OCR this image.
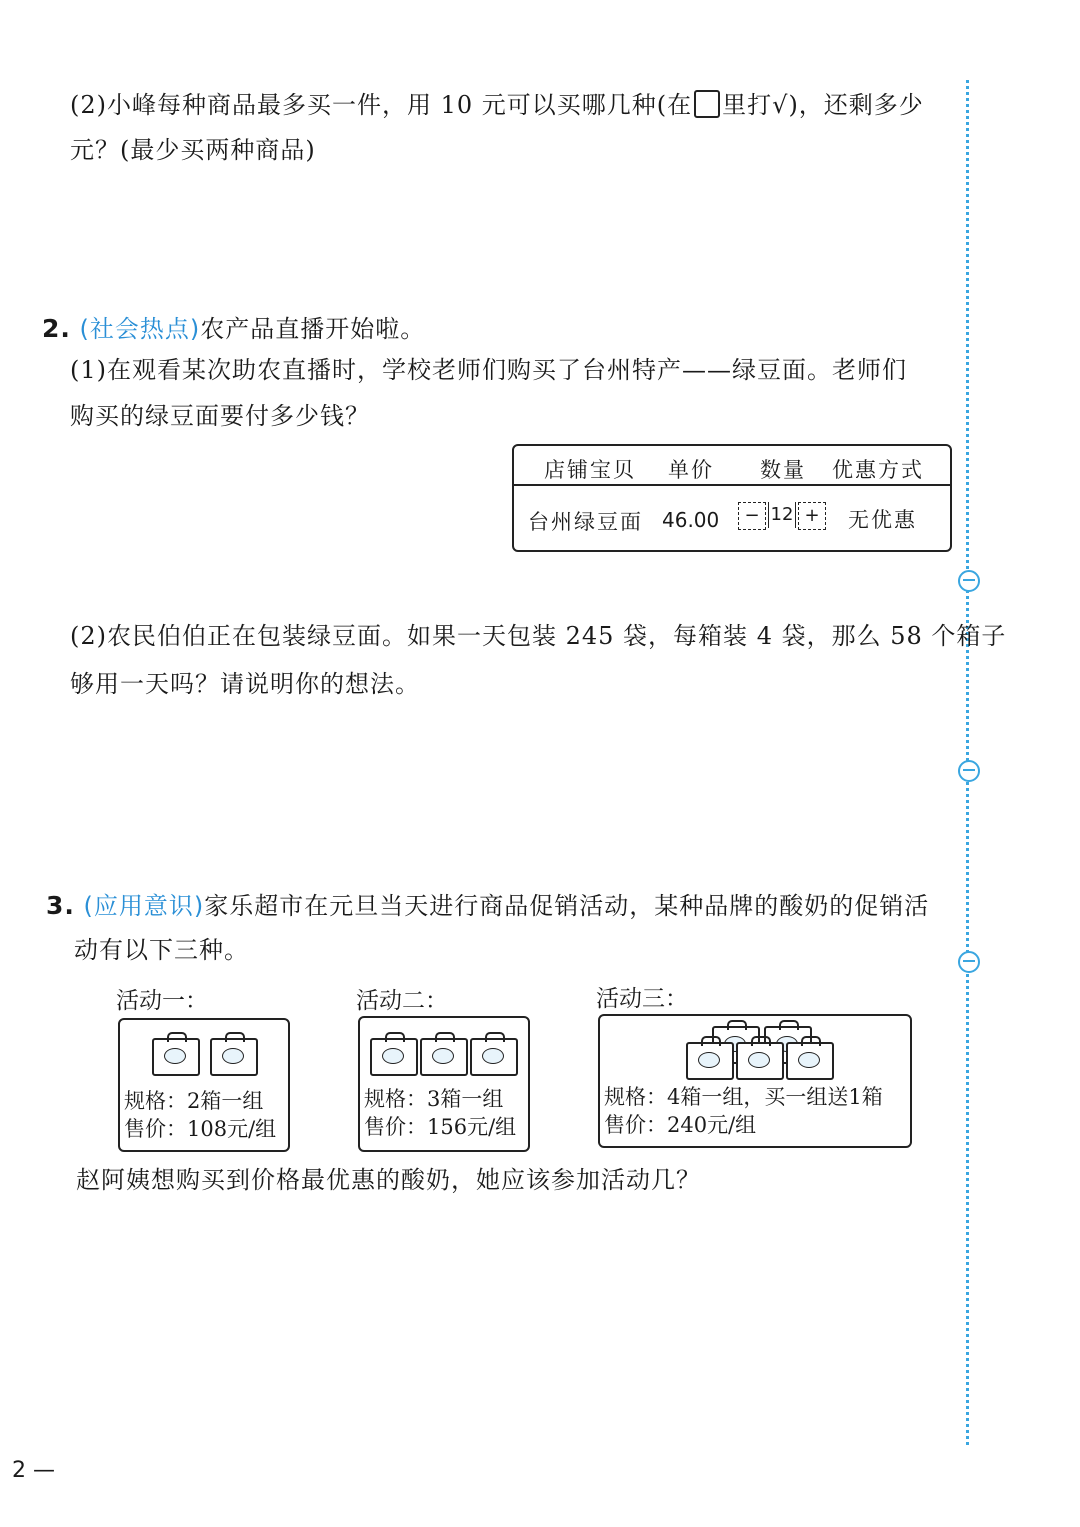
(2)小峰每种商品最多买一件，用 10 元可以买哪几种(在 里打√)，还剩多少
元？(最少买两种商品)
2. (社会热点)农产品直播开始啦。
(1)在观看某次助农直播时，学校老师们购买了台州特产——绿豆面。老师们
购买的绿豆面要付多少钱？
店铺宝贝 单价 数量 优惠方式
台州绿豆面 46.00	− 12 +	无优惠
(2)农民伯伯正在包装绿豆面。如果一天包装 245 袋，每箱装 4 袋，那么 58 个箱子
够用一天吗？请说明你的想法。
3. (应用意识)家乐超市在元旦当天进行商品促销活动，某种品牌的酸奶的促销活
动有以下三种。
活动一：
规格：2箱一组
售价：108元/组
活动二：
规格：3箱一组
售价：156元/组
活动三：
规格：4箱一组，买一组送1箱
售价：240元/组
赵阿姨想购买到价格最优惠的酸奶，她应该参加活动几？
2 —
